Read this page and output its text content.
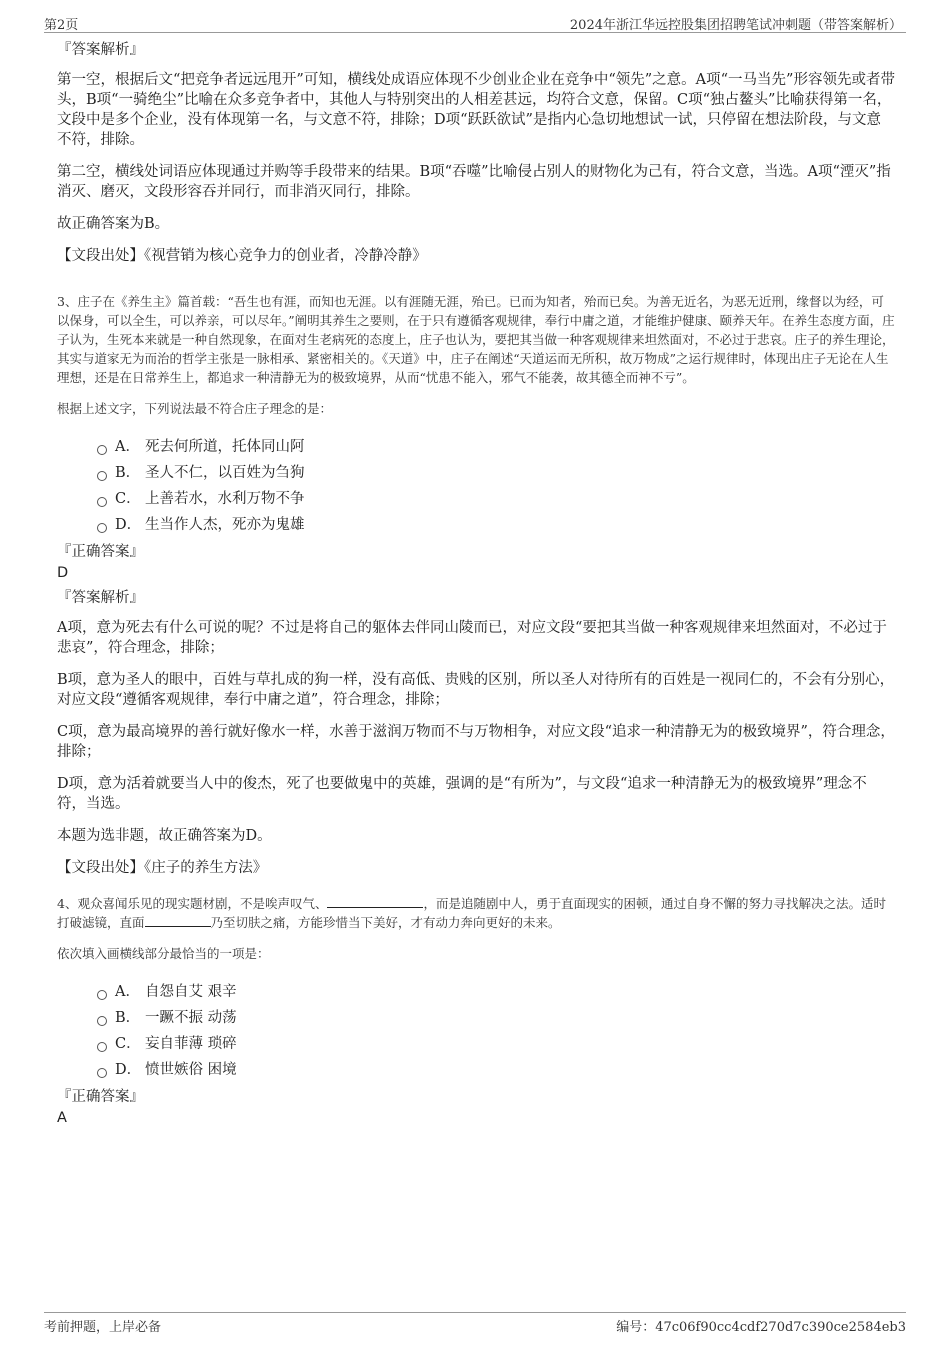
第2页	2024年浙江华远控股集团招聘笔试冲刺题（带答案解析）

『答案解析』

第一空，根据后文“把竞争者远远甩开”可知，横线处成语应体现不少创业企业在竞争中“领先”之意。A项“一马当先”形容领先或者带头，B项“一骑绝尘”比喻在众多竞争者中，其他人与特别突出的人相差甚远，均符合文意，保留。C项“独占鳌头”比喻获得第一名，文段中是多个企业，没有体现第一名，与文意不符，排除；D项“跃跃欲试”是指内心急切地想试一试，只停留在想法阶段，与文意不符，排除。

第二空，横线处词语应体现通过并购等手段带来的结果。B项“吞噬”比喻侵占别人的财物化为己有，符合文意，当选。A项“湮灭”指消灭、磨灭，文段形容吞并同行，而非消灭同行，排除。

故正确答案为B。

【文段出处】《视营销为核心竞争力的创业者，冷静冷静》

3、庄子在《养生主》篇首载：“吾生也有涯，而知也无涯。以有涯随无涯，殆已。已而为知者，殆而已矣。为善无近名，为恶无近刑，缘督以为经，可以保身，可以全生，可以养亲，可以尽年。”阐明其养生之要则，在于只有遵循客观规律，奉行中庸之道，才能维护健康、颐养天年。在养生态度方面，庄子认为，生死本来就是一种自然现象，在面对生老病死的态度上，庄子也认为，要把其当做一种客观规律来坦然面对，不必过于悲哀。庄子的养生理论，其实与道家无为而治的哲学主张是一脉相承、紧密相关的。《天道》中，庄子在阐述“天道运而无所积，故万物成”之运行规律时，体现出庄子无论在人生理想，还是在日常养生上，都追求一种清静无为的极致境界，从而“忧患不能入，邪气不能袭，故其德全而神不亏”。

根据上述文字，下列说法最不符合庄子理念的是：

A． 死去何所道，托体同山阿
B． 圣人不仁，以百姓为刍狗
C． 上善若水，水利万物不争
D． 生当作人杰，死亦为鬼雄

『正确答案』

D

『答案解析』

A项，意为死去有什么可说的呢？不过是将自己的躯体去伴同山陵而已，对应文段“要把其当做一种客观规律来坦然面对，不必过于悲哀”，符合理念，排除；

B项，意为圣人的眼中，百姓与草扎成的狗一样，没有高低、贵贱的区别，所以圣人对待所有的百姓是一视同仁的，不会有分别心，对应文段“遵循客观规律，奉行中庸之道”，符合理念，排除；

C项，意为最高境界的善行就好像水一样，水善于滋润万物而不与万物相争，对应文段“追求一种清静无为的极致境界”，符合理念，排除；

D项，意为活着就要当人中的俊杰，死了也要做鬼中的英雄，强调的是“有所为”，与文段“追求一种清静无为的极致境界”理念不符，当选。

本题为选非题，故正确答案为D。

【文段出处】《庄子的养生方法》

4、观众喜闻乐见的现实题材剧，不是唉声叹气、	，而是追随剧中人，勇于直面现实的困顿，通过自身不懈的努力寻找解决之法。适时打破滤镜，直面	乃至切肤之痛，方能珍惜当下美好，才有动力奔向更好的未来。

依次填入画横线部分最恰当的一项是：

A． 自怨自艾 艰辛
B． 一蹶不振 动荡
C． 妄自菲薄 琐碎
D． 愤世嫉俗 困境

『正确答案』

A

考前押题，上岸必备	编号：47c06f90cc4cdf270d7c390ce2584eb3
